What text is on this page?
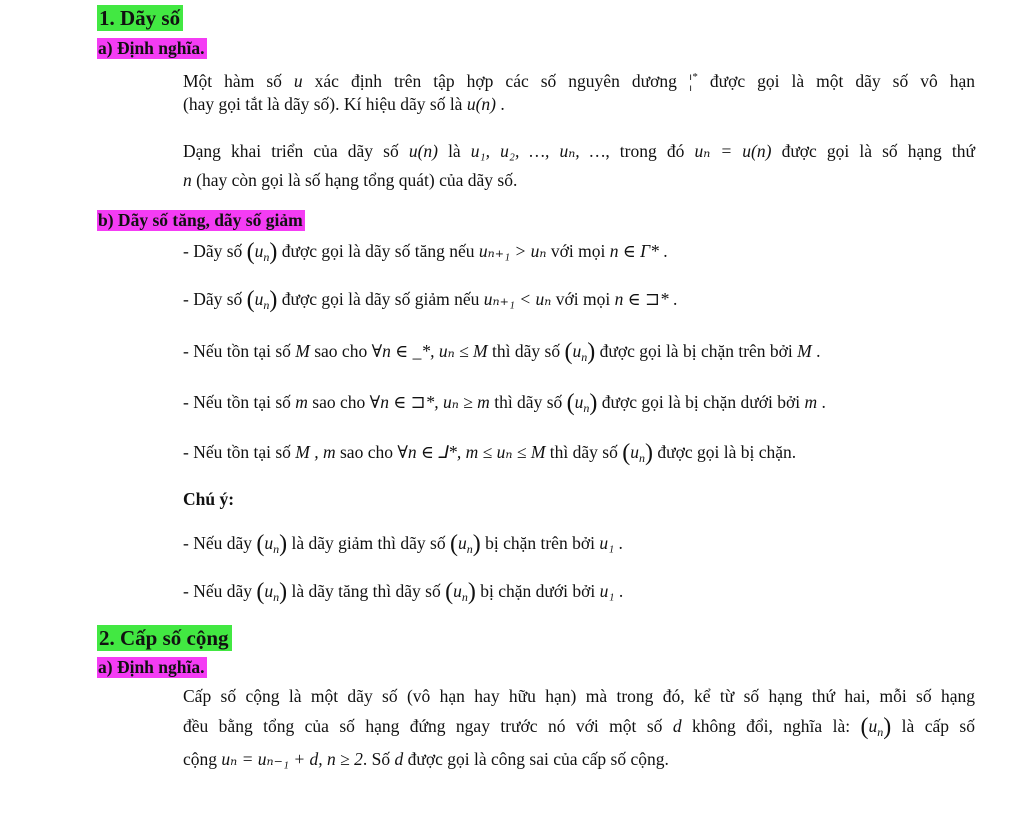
1. Dãy số
a) Định nghĩa.
Một hàm số u xác định trên tập hợp các số nguyên dương ¦* được gọi là một dãy số vô hạn
(hay gọi tắt là dãy số). Kí hiệu dãy số là u(n) .
Dạng khai triển của dãy số u(n) là u₁, u₂, …, uₙ, …, trong đó uₙ = u(n) được gọi là số hạng thứ
n (hay còn gọi là số hạng tổng quát) của dãy số.
b) Dãy số tăng, dãy số giảm
- Dãy số $(u_n)$ được gọi là dãy số tăng nếu uₙ₊₁ > uₙ với mọi n ∈ Γ* .
- Dãy số $(u_n)$ được gọi là dãy số giảm nếu uₙ₊₁ < uₙ với mọi n ∈ ⊐* .
- Nếu tồn tại số M sao cho ∀n ∈ _*, uₙ ≤ M thì dãy số $(u_n)$ được gọi là bị chặn trên bởi M .
- Nếu tồn tại số m sao cho ∀n ∈ ⊐*, uₙ ≥ m thì dãy số $(u_n)$ được gọi là bị chặn dưới bởi m .
- Nếu tồn tại số M , m sao cho ∀n ∈ ⅃*, m ≤ uₙ ≤ M thì dãy số $(u_n)$ được gọi là bị chặn.
Chú ý:
- Nếu dãy $(u_n)$ là dãy giảm thì dãy số $(u_n)$ bị chặn trên bởi u₁ .
- Nếu dãy $(u_n)$ là dãy tăng thì dãy số $(u_n)$ bị chặn dưới bởi u₁ .
2. Cấp số cộng
a) Định nghĩa.
Cấp số cộng là một dãy số (vô hạn hay hữu hạn) mà trong đó, kể từ số hạng thứ hai, mỗi số hạng
đều bằng tổng của số hạng đứng ngay trước nó với một số d không đổi, nghĩa là: $(u_n)$ là cấp số
cộng uₙ = uₙ₋₁ + d, n ≥ 2. Số d được gọi là công sai của cấp số cộng.
